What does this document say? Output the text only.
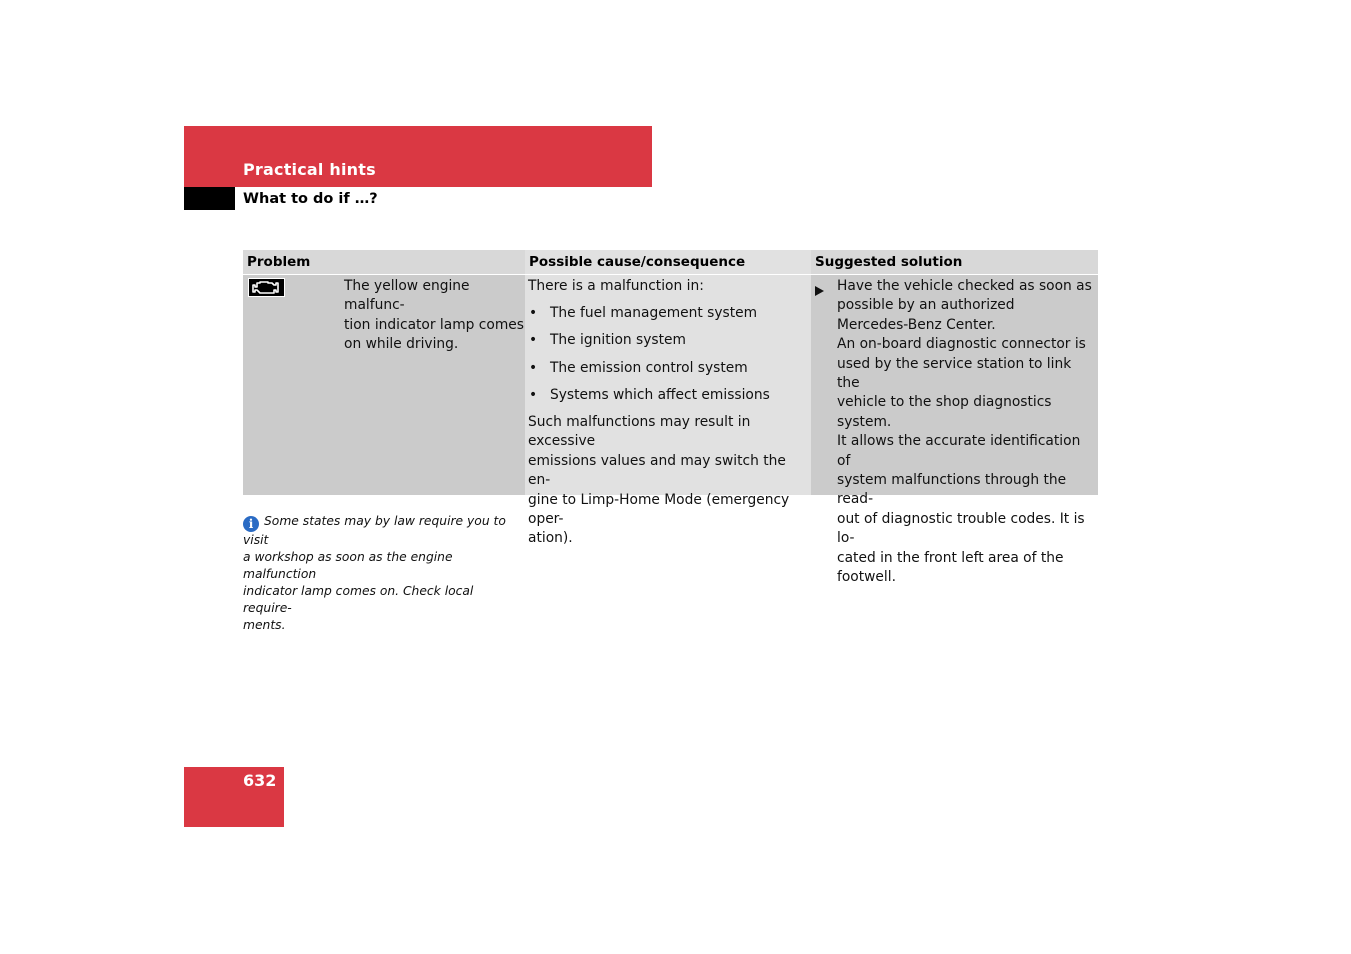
Practical hints
What to do if …?
Problem
The yellow engine malfunc-
tion indicator lamp comes
on while driving.
Possible cause/consequence
There is a malfunction in:
• The fuel management system
• The ignition system
• The emission control system
• Systems which affect emissions
Such malfunctions may result in excessive
emissions values and may switch the en-
gine to Limp-Home Mode (emergency oper-
ation).
Suggested solution
Have the vehicle checked as soon as
possible by an authorized
Mercedes-Benz Center.
An on-board diagnostic connector is
used by the service station to link the
vehicle to the shop diagnostics system.
It allows the accurate identification of
system malfunctions through the read-
out of diagnostic trouble codes. It is lo-
cated in the front left area of the
footwell.
i Some states may by law require you to visit
a workshop as soon as the engine malfunction
indicator lamp comes on. Check local require-
ments.
632
